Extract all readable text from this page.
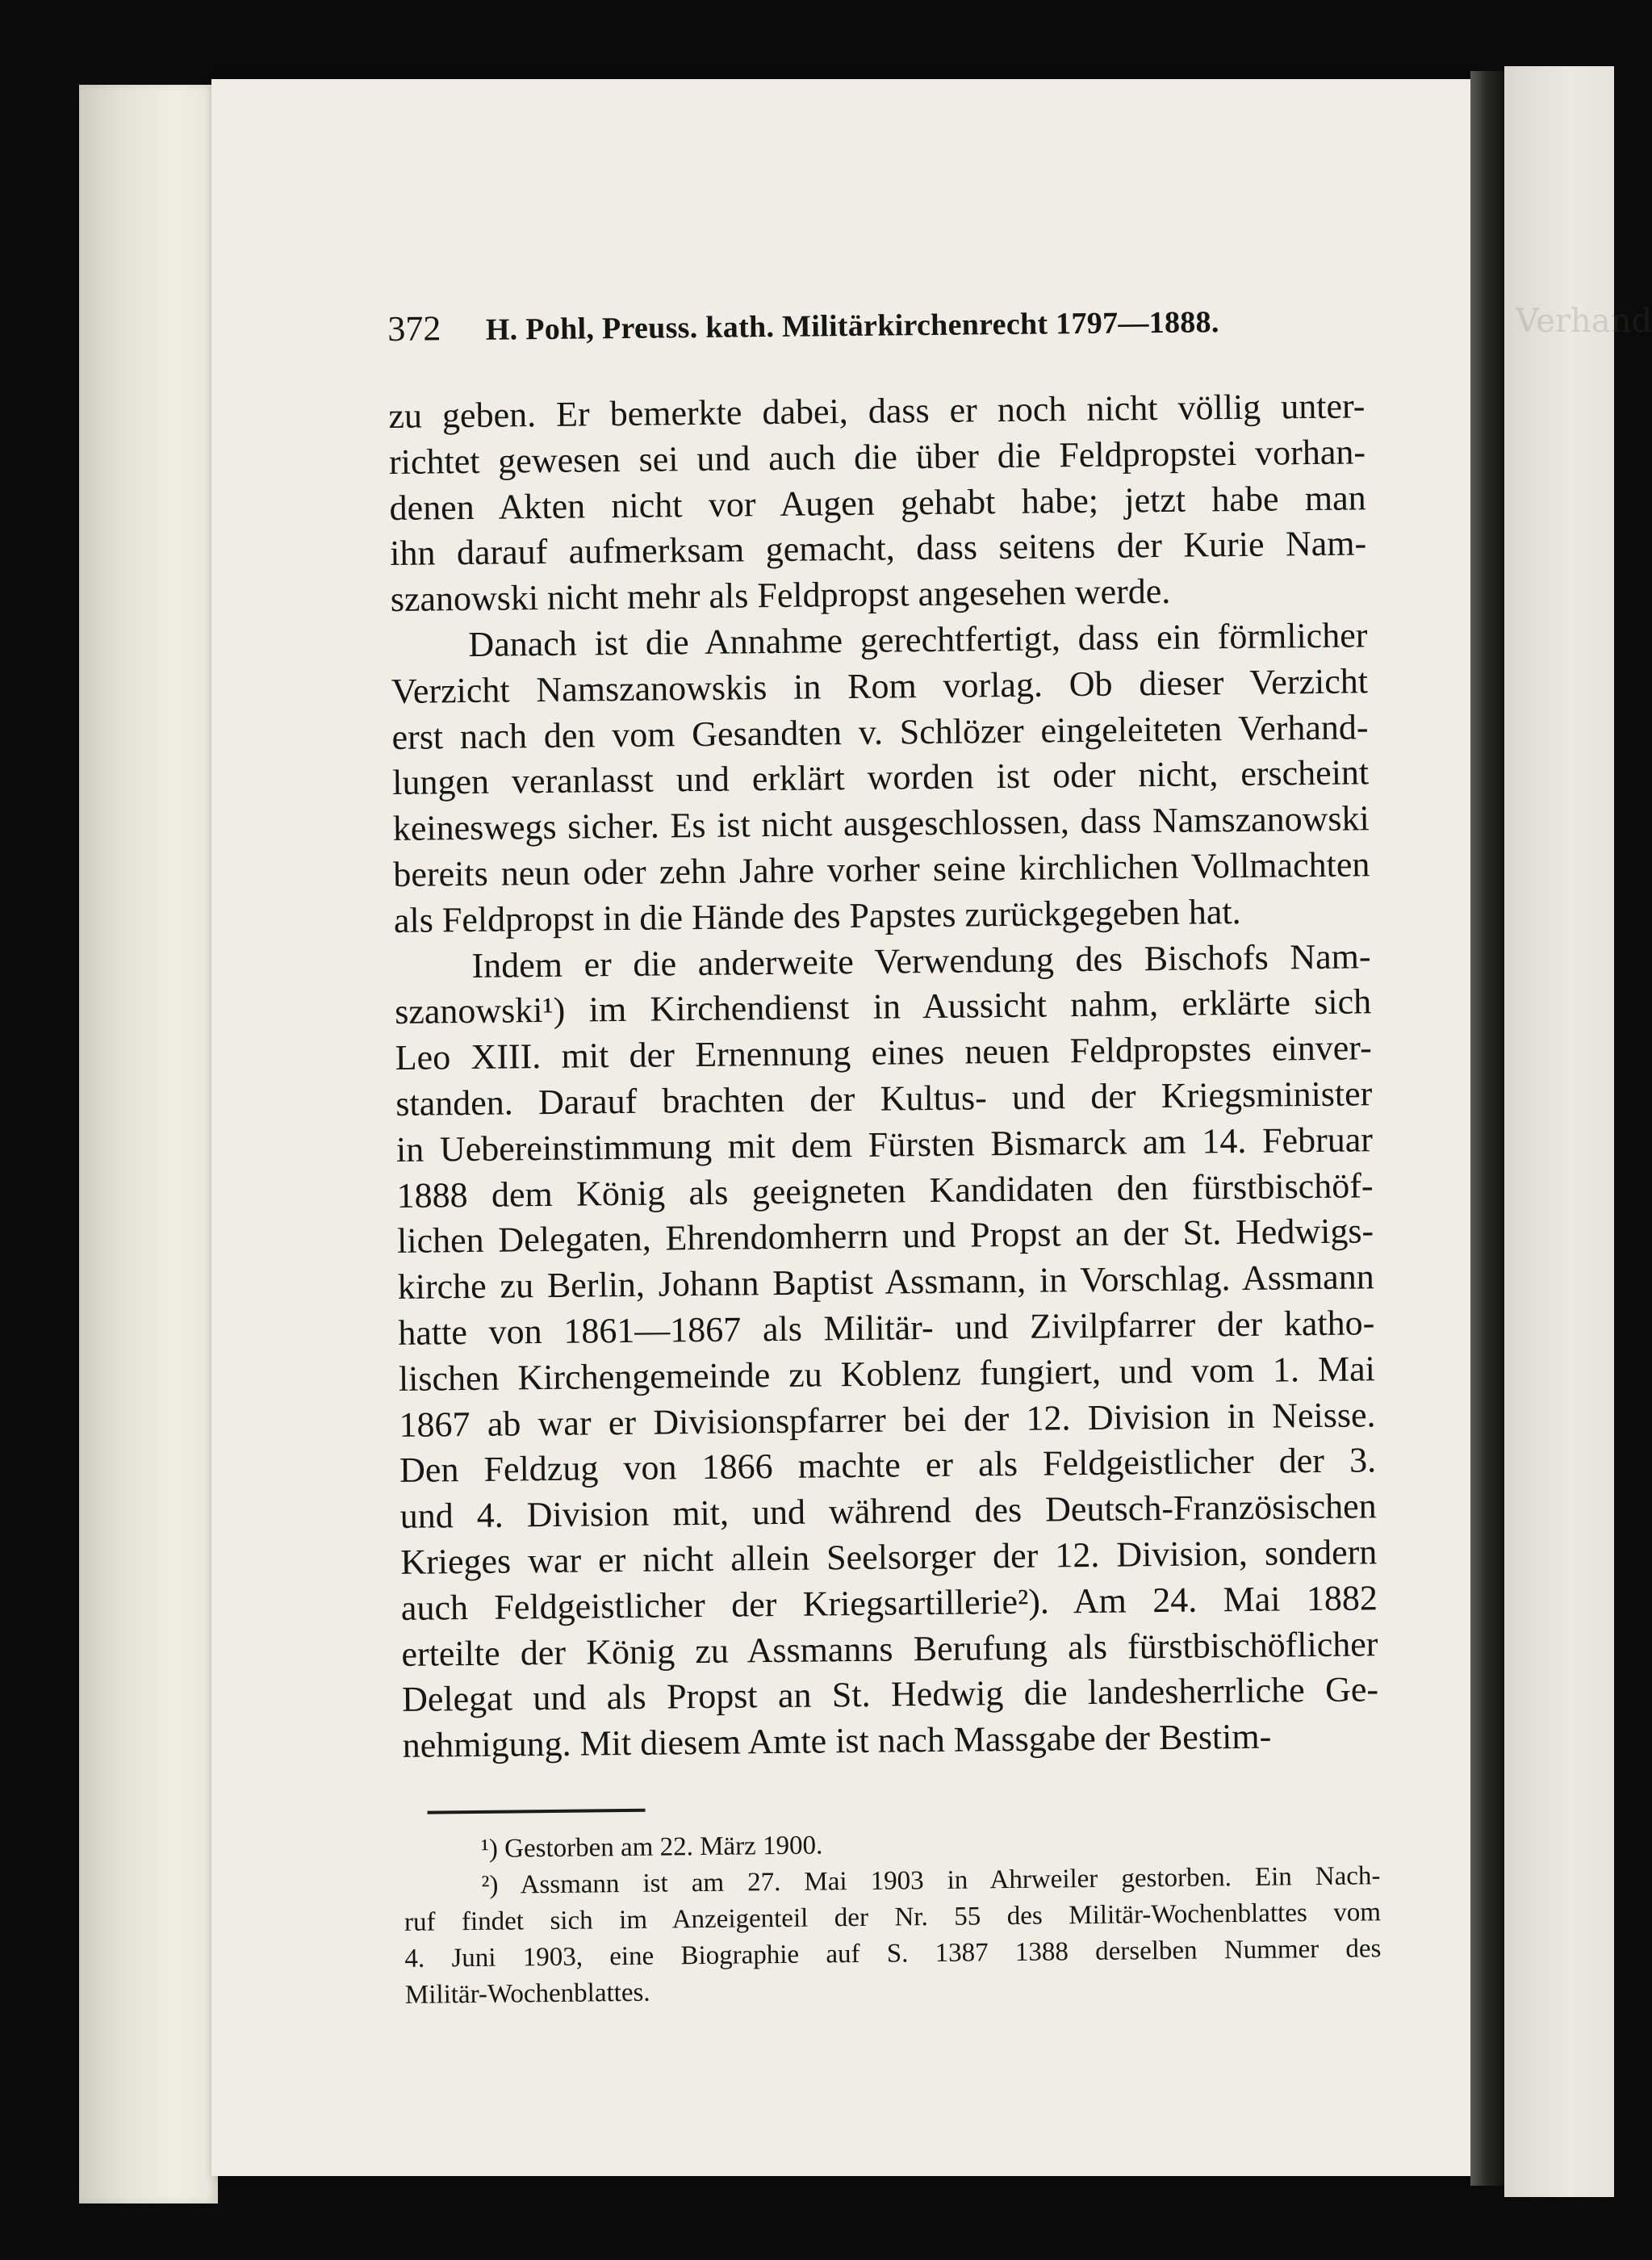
Verhand
372 H. Pohl, Preuss. kath. Militärkirchenrecht 1797—1888.
zu geben. Er bemerkte dabei, dass er noch nicht völlig unter-
richtet gewesen sei und auch die über die Feldpropstei vorhan-
denen Akten nicht vor Augen gehabt habe; jetzt habe man
ihn darauf aufmerksam gemacht, dass seitens der Kurie Nam-
szanowski nicht mehr als Feldpropst angesehen werde.
Danach ist die Annahme gerechtfertigt, dass ein förmlicher
Verzicht Namszanowskis in Rom vorlag. Ob dieser Verzicht
erst nach den vom Gesandten v. Schlözer eingeleiteten Verhand-
lungen veranlasst und erklärt worden ist oder nicht, erscheint
keineswegs sicher. Es ist nicht ausgeschlossen, dass Namszanowski
bereits neun oder zehn Jahre vorher seine kirchlichen Vollmachten
als Feldpropst in die Hände des Papstes zurückgegeben hat.
Indem er die anderweite Verwendung des Bischofs Nam-
szanowski¹) im Kirchendienst in Aussicht nahm, erklärte sich
Leo XIII. mit der Ernennung eines neuen Feldpropstes einver-
standen. Darauf brachten der Kultus- und der Kriegsminister
in Uebereinstimmung mit dem Fürsten Bismarck am 14. Februar
1888 dem König als geeigneten Kandidaten den fürstbischöf-
lichen Delegaten, Ehrendomherrn und Propst an der St. Hedwigs-
kirche zu Berlin, Johann Baptist Assmann, in Vorschlag. Assmann
hatte von 1861—1867 als Militär- und Zivilpfarrer der katho-
lischen Kirchengemeinde zu Koblenz fungiert, und vom 1. Mai
1867 ab war er Divisionspfarrer bei der 12. Division in Neisse.
Den Feldzug von 1866 machte er als Feldgeistlicher der 3.
und 4. Division mit, und während des Deutsch-Französischen
Krieges war er nicht allein Seelsorger der 12. Division, sondern
auch Feldgeistlicher der Kriegsartillerie²). Am 24. Mai 1882
erteilte der König zu Assmanns Berufung als fürstbischöflicher
Delegat und als Propst an St. Hedwig die landesherrliche Ge-
nehmigung. Mit diesem Amte ist nach Massgabe der Bestim-
¹) Gestorben am 22. März 1900.
²) Assmann ist am 27. Mai 1903 in Ahrweiler gestorben. Ein Nach-
ruf findet sich im Anzeigenteil der Nr. 55 des Militär-Wochenblattes vom
4. Juni 1903, eine Biographie auf S. 1387 1388 derselben Nummer des
Militär-Wochenblattes.
